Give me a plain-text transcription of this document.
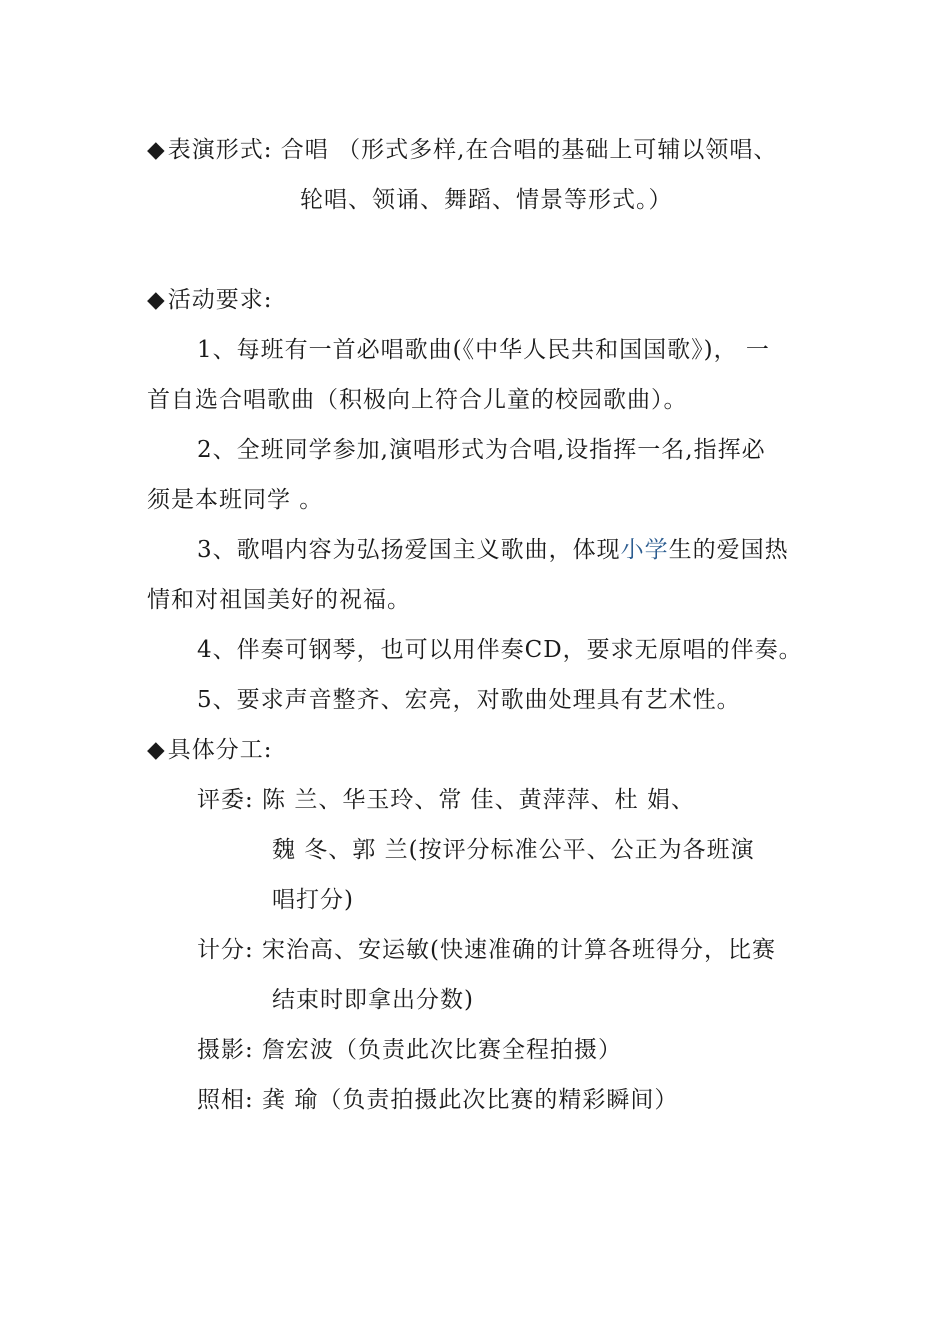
◆表演形式: 合唱 （形式多样,在合唱的基础上可辅以领唱、
轮唱、领诵、舞蹈、情景等形式。）
◆活动要求:
1、每班有一首必唱歌曲(《中华人民共和国国歌》)， 一
首自选合唱歌曲（积极向上符合儿童的校园歌曲）。
2、全班同学参加,演唱形式为合唱,设指挥一名,指挥必
须是本班同学 。
3、歌唱内容为弘扬爱国主义歌曲，体现小学生的爱国热
情和对祖国美好的祝福。
4、伴奏可钢琴，也可以用伴奏CD，要求无原唱的伴奏。
5、要求声音整齐、宏亮，对歌曲处理具有艺术性。
◆具体分工:
评委: 陈 兰、华玉玲、常 佳、黄萍萍、杜 娟、
魏 冬、郭 兰(按评分标准公平、公正为各班演
唱打分)
计分: 宋治高、安运敏(快速准确的计算各班得分，比赛
结束时即拿出分数)
摄影: 詹宏波（负责此次比赛全程拍摄）
照相: 龚 瑜（负责拍摄此次比赛的精彩瞬间）
